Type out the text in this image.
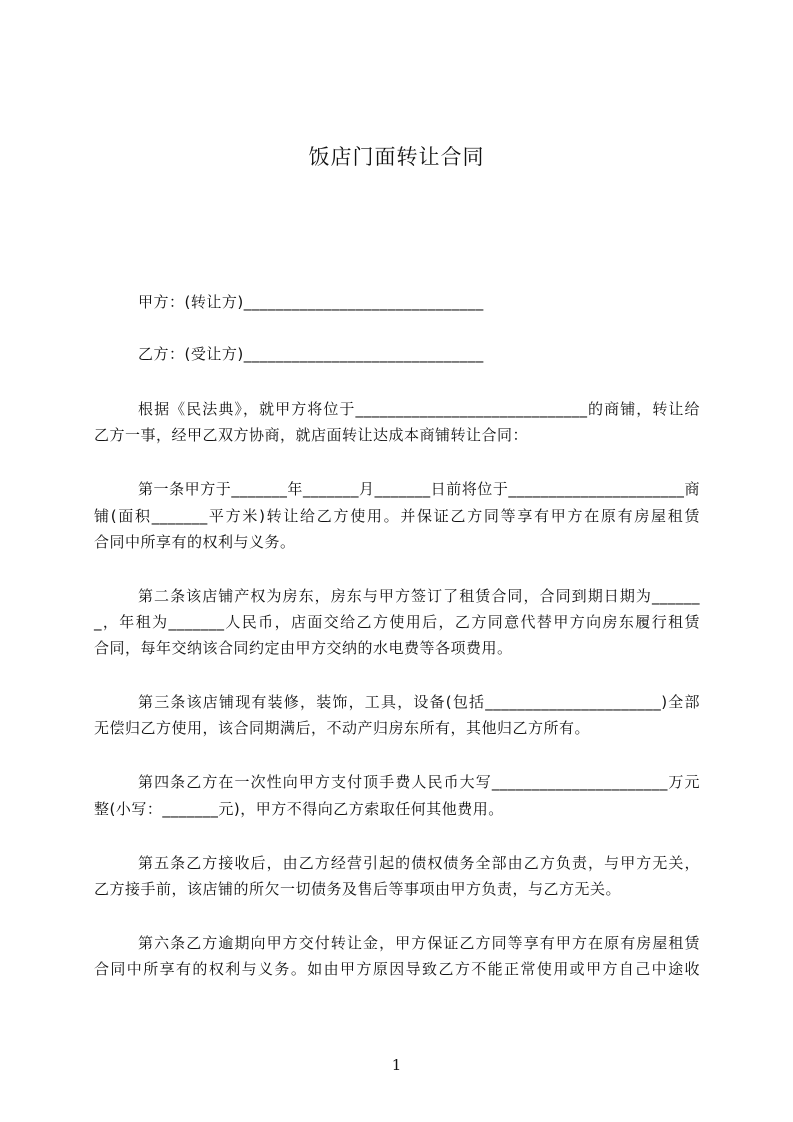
饭店门面转让合同
甲方：(转让方)______________________________
乙方：(受让方)______________________________
根据《民法典》，就甲方将位于_____________________________的商铺，转让给
乙方一事，经甲乙双方协商，就店面转让达成本商铺转让合同：
第一条甲方于_______年_______月_______日前将位于______________________商
铺(面积_______平方米)转让给乙方使用。并保证乙方同等享有甲方在原有房屋租赁
合同中所享有的权利与义务。
第二条该店铺产权为房东，房东与甲方签订了租赁合同，合同到期日期为______
_，年租为_______人民币，店面交给乙方使用后，乙方同意代替甲方向房东履行租赁
合同，每年交纳该合同约定由甲方交纳的水电费等各项费用。
第三条该店铺现有装修，装饰，工具，设备(包括______________________)全部
无偿归乙方使用，该合同期满后，不动产归房东所有，其他归乙方所有。
第四条乙方在一次性向甲方支付顶手费人民币大写______________________万元
整(小写：_______元)，甲方不得向乙方索取任何其他费用。
第五条乙方接收后，由乙方经营引起的债权债务全部由乙方负责，与甲方无关，
乙方接手前，该店铺的所欠一切债务及售后等事项由甲方负责，与乙方无关。
第六条乙方逾期向甲方交付转让金，甲方保证乙方同等享有甲方在原有房屋租赁
合同中所享有的权利与义务。如由甲方原因导致乙方不能正常使用或甲方自己中途收
1
